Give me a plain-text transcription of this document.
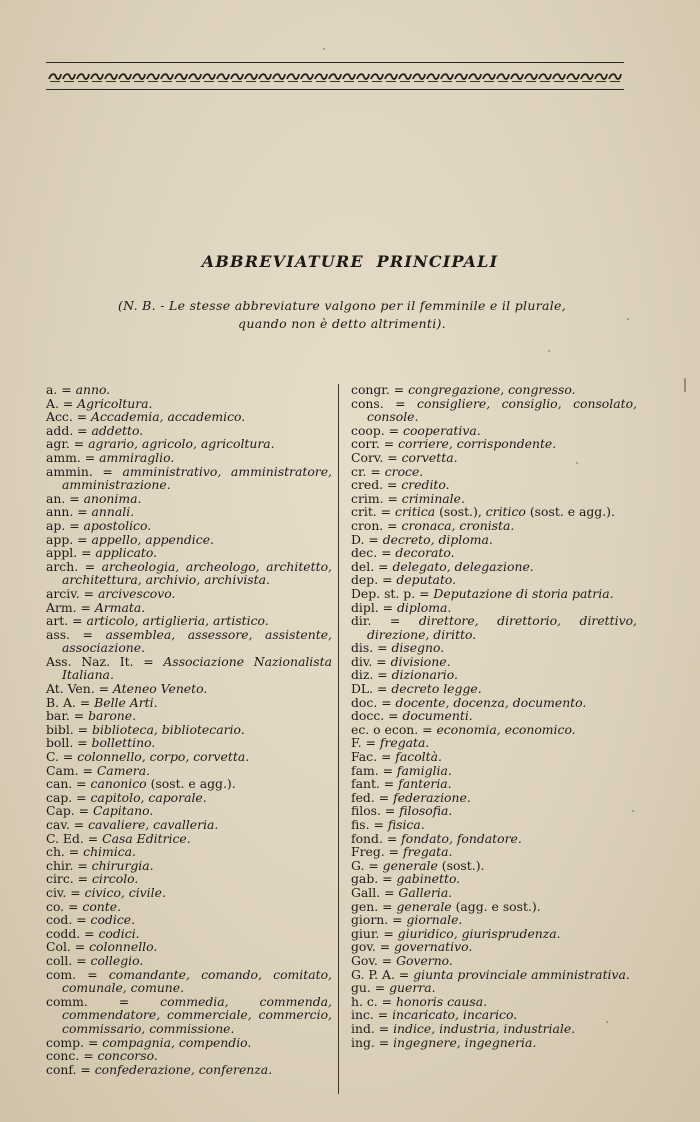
ABBREVIATURE PRINCIPALI
(N. B. - Le stesse abbreviature valgono per il femminile e il plurale,
quando non è detto altrimenti).

a. = anno.

A. = Agricoltura.

Acc. = Accademia, accademico.

add. = addetto.

agr. = agrario, agricolo, agricoltura.

amm. = ammiraglio.

ammin. = amministrativo, amministratore, amministrazione.

an. = anonima.

ann. = annali.

ap. = apostolico.

app. = appello, appendice.

appl. = applicato.

arch. = archeologia, archeologo, architetto, architettura, archivio, archivista.

arciv. = arcivescovo.

Arm. = Armata.

art. = articolo, artiglieria, artistico.

ass. = assemblea, assessore, assistente, associazione.

Ass. Naz. It. = Associazione Nazionalista Italiana.

At. Ven. = Ateneo Veneto.

B. A. = Belle Arti.

bar. = barone.

bibl. = biblioteca, bibliotecario.

boll. = bollettino.

C. = colonnello, corpo, corvetta.

Cam. = Camera.

can. = canonico (sost. e agg.).

cap. = capitolo, caporale.

Cap. = Capitano.

cav. = cavaliere, cavalleria.

C. Ed. = Casa Editrice.

ch. = chimica.

chir. = chirurgia.

circ. = circolo.

civ. = civico, civile.

co. = conte.

cod. = codice.

codd. = codici.

Col. = colonnello.

coll. = collegio.

com. = comandante, comando, comitato, comunale, comune.

comm. = commedia, commenda, commendatore, commerciale, commercio, commissario, commissione.

comp. = compagnia, compendio.

conc. = concorso.

conf. = confederazione, conferenza.

congr. = congregazione, congresso.

cons. = consigliere, consiglio, consolato, console.

coop. = cooperativa.

corr. = corriere, corrispondente.

Corv. = corvetta.

cr. = croce.

cred. = credito.

crim. = criminale.

crit. = critica (sost.), critico (sost. e agg.).

cron. = cronaca, cronista.

D. = decreto, diploma.

dec. = decorato.

del. = delegato, delegazione.

dep. = deputato.

Dep. st. p. = Deputazione di storia patria.

dipl. = diploma.

dir. = direttore, direttorio, direttivo, direzione, diritto.

dis. = disegno.

div. = divisione.

diz. = dizionario.

DL. = decreto legge.

doc. = docente, docenza, documento.

docc. = documenti.

ec. o econ. = economia, economico.

F. = fregata.

Fac. = facoltà.

fam. = famiglia.

fant. = fanteria.

fed. = federazione.

filos. = filosofia.

fis. = fisica.

fond. = fondato, fondatore.

Freg. = fregata.

G. = generale (sost.).

gab. = gabinetto.

Gall. = Galleria.

gen. = generale (agg. e sost.).

giorn. = giornale.

giur. = giuridico, giurisprudenza.

gov. = governativo.

Gov. = Governo.

G. P. A. = giunta provinciale amministrativa.

gu. = guerra.

h. c. = honoris causa.

inc. = incaricato, incarico.

ind. = indice, industria, industriale.

ing. = ingegnere, ingegneria.
